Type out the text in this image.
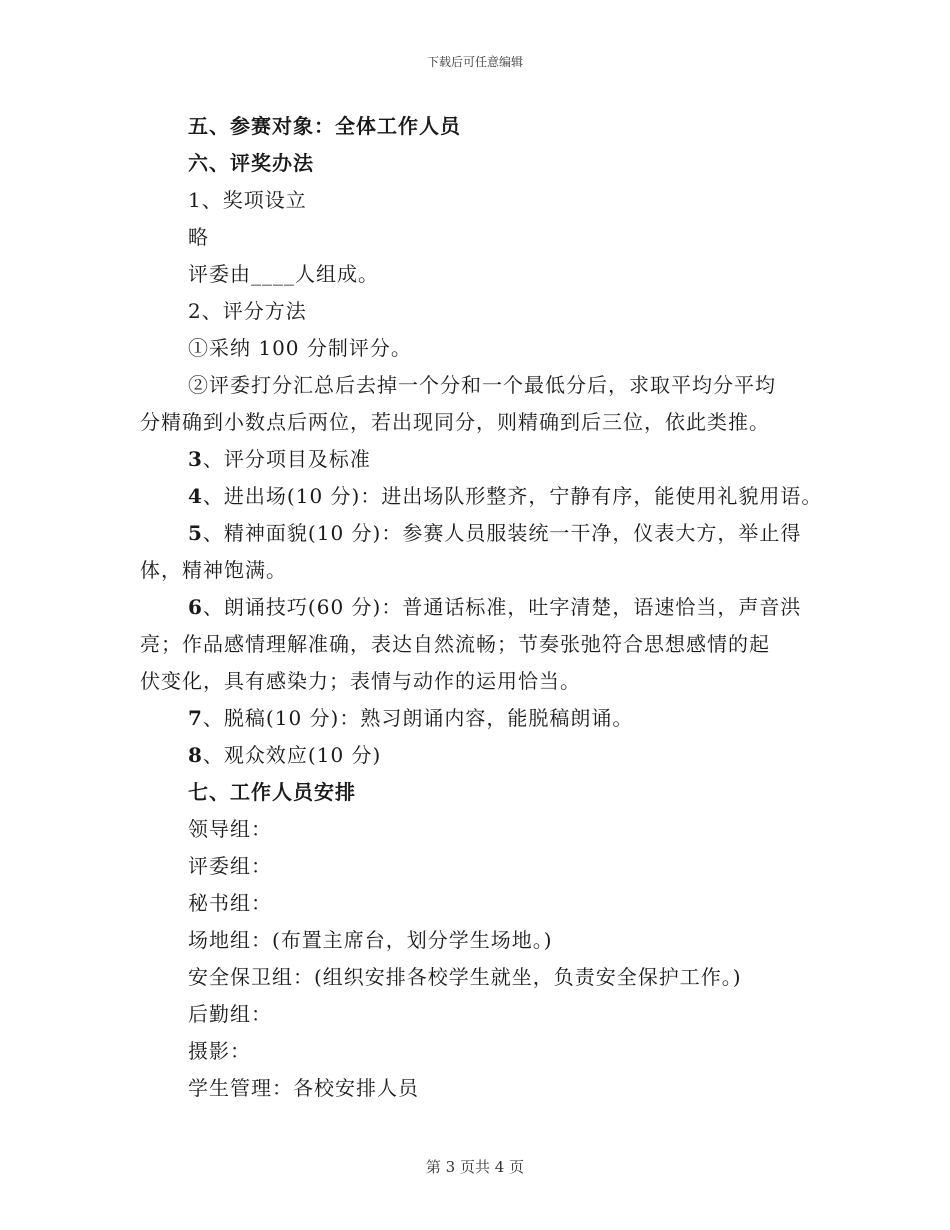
下载后可任意编辑
五、参赛对象：全体工作人员
六、评奖办法
1、奖项设立
略
评委由____人组成。
2、评分方法
①采纳 100 分制评分。
②评委打分汇总后去掉一个分和一个最低分后，求取平均分平均
分精确到小数点后两位，若出现同分，则精确到后三位，依此类推。
3、评分项目及标准
4、进出场(10 分)：进出场队形整齐，宁静有序，能使用礼貌用语。
5、精神面貌(10 分)：参赛人员服装统一干净，仪表大方，举止得
体，精神饱满。
6、朗诵技巧(60 分)：普通话标准，吐字清楚，语速恰当，声音洪
亮；作品感情理解准确，表达自然流畅；节奏张弛符合思想感情的起
伏变化，具有感染力；表情与动作的运用恰当。
7、脱稿(10 分)：熟习朗诵内容，能脱稿朗诵。
8、观众效应(10 分)
七、工作人员安排
领导组：
评委组：
秘书组：
场地组：(布置主席台，划分学生场地。)
安全保卫组：(组织安排各校学生就坐，负责安全保护工作。)
后勤组：
摄影：
学生管理：各校安排人员
第 3 页共 4 页
